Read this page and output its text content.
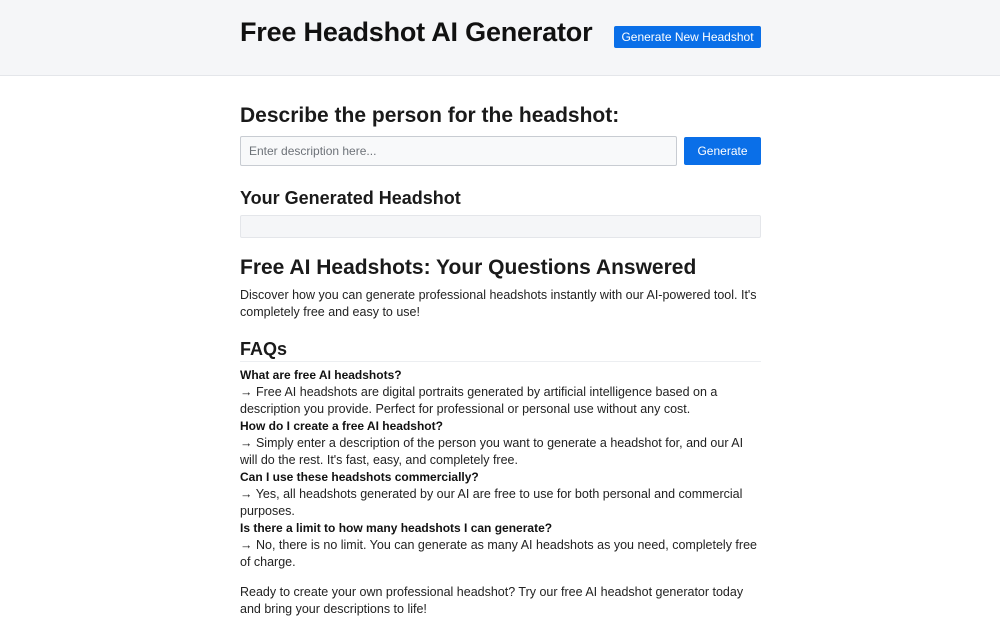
Free Headshot AI Generator	Generate New Headshot
Describe the person for the headshot:
Enter description here...
Generate
Your Generated Headshot
Free AI Headshots: Your Questions Answered

Discover how you can generate professional headshots instantly with our AI-powered tool. It's completely free and easy to use!

FAQs

What are free AI headshots?

→ Free AI headshots are digital portraits generated by artificial intelligence based on a description you provide. Perfect for professional or personal use without any cost.

How do I create a free AI headshot?

→ Simply enter a description of the person you want to generate a headshot for, and our AI will do the rest. It's fast, easy, and completely free.

Can I use these headshots commercially?

→ Yes, all headshots generated by our AI are free to use for both personal and commercial purposes.

Is there a limit to how many headshots I can generate?

→ No, there is no limit. You can generate as many AI headshots as you need, completely free of charge.

Ready to create your own professional headshot? Try our free AI headshot generator today and bring your descriptions to life!
